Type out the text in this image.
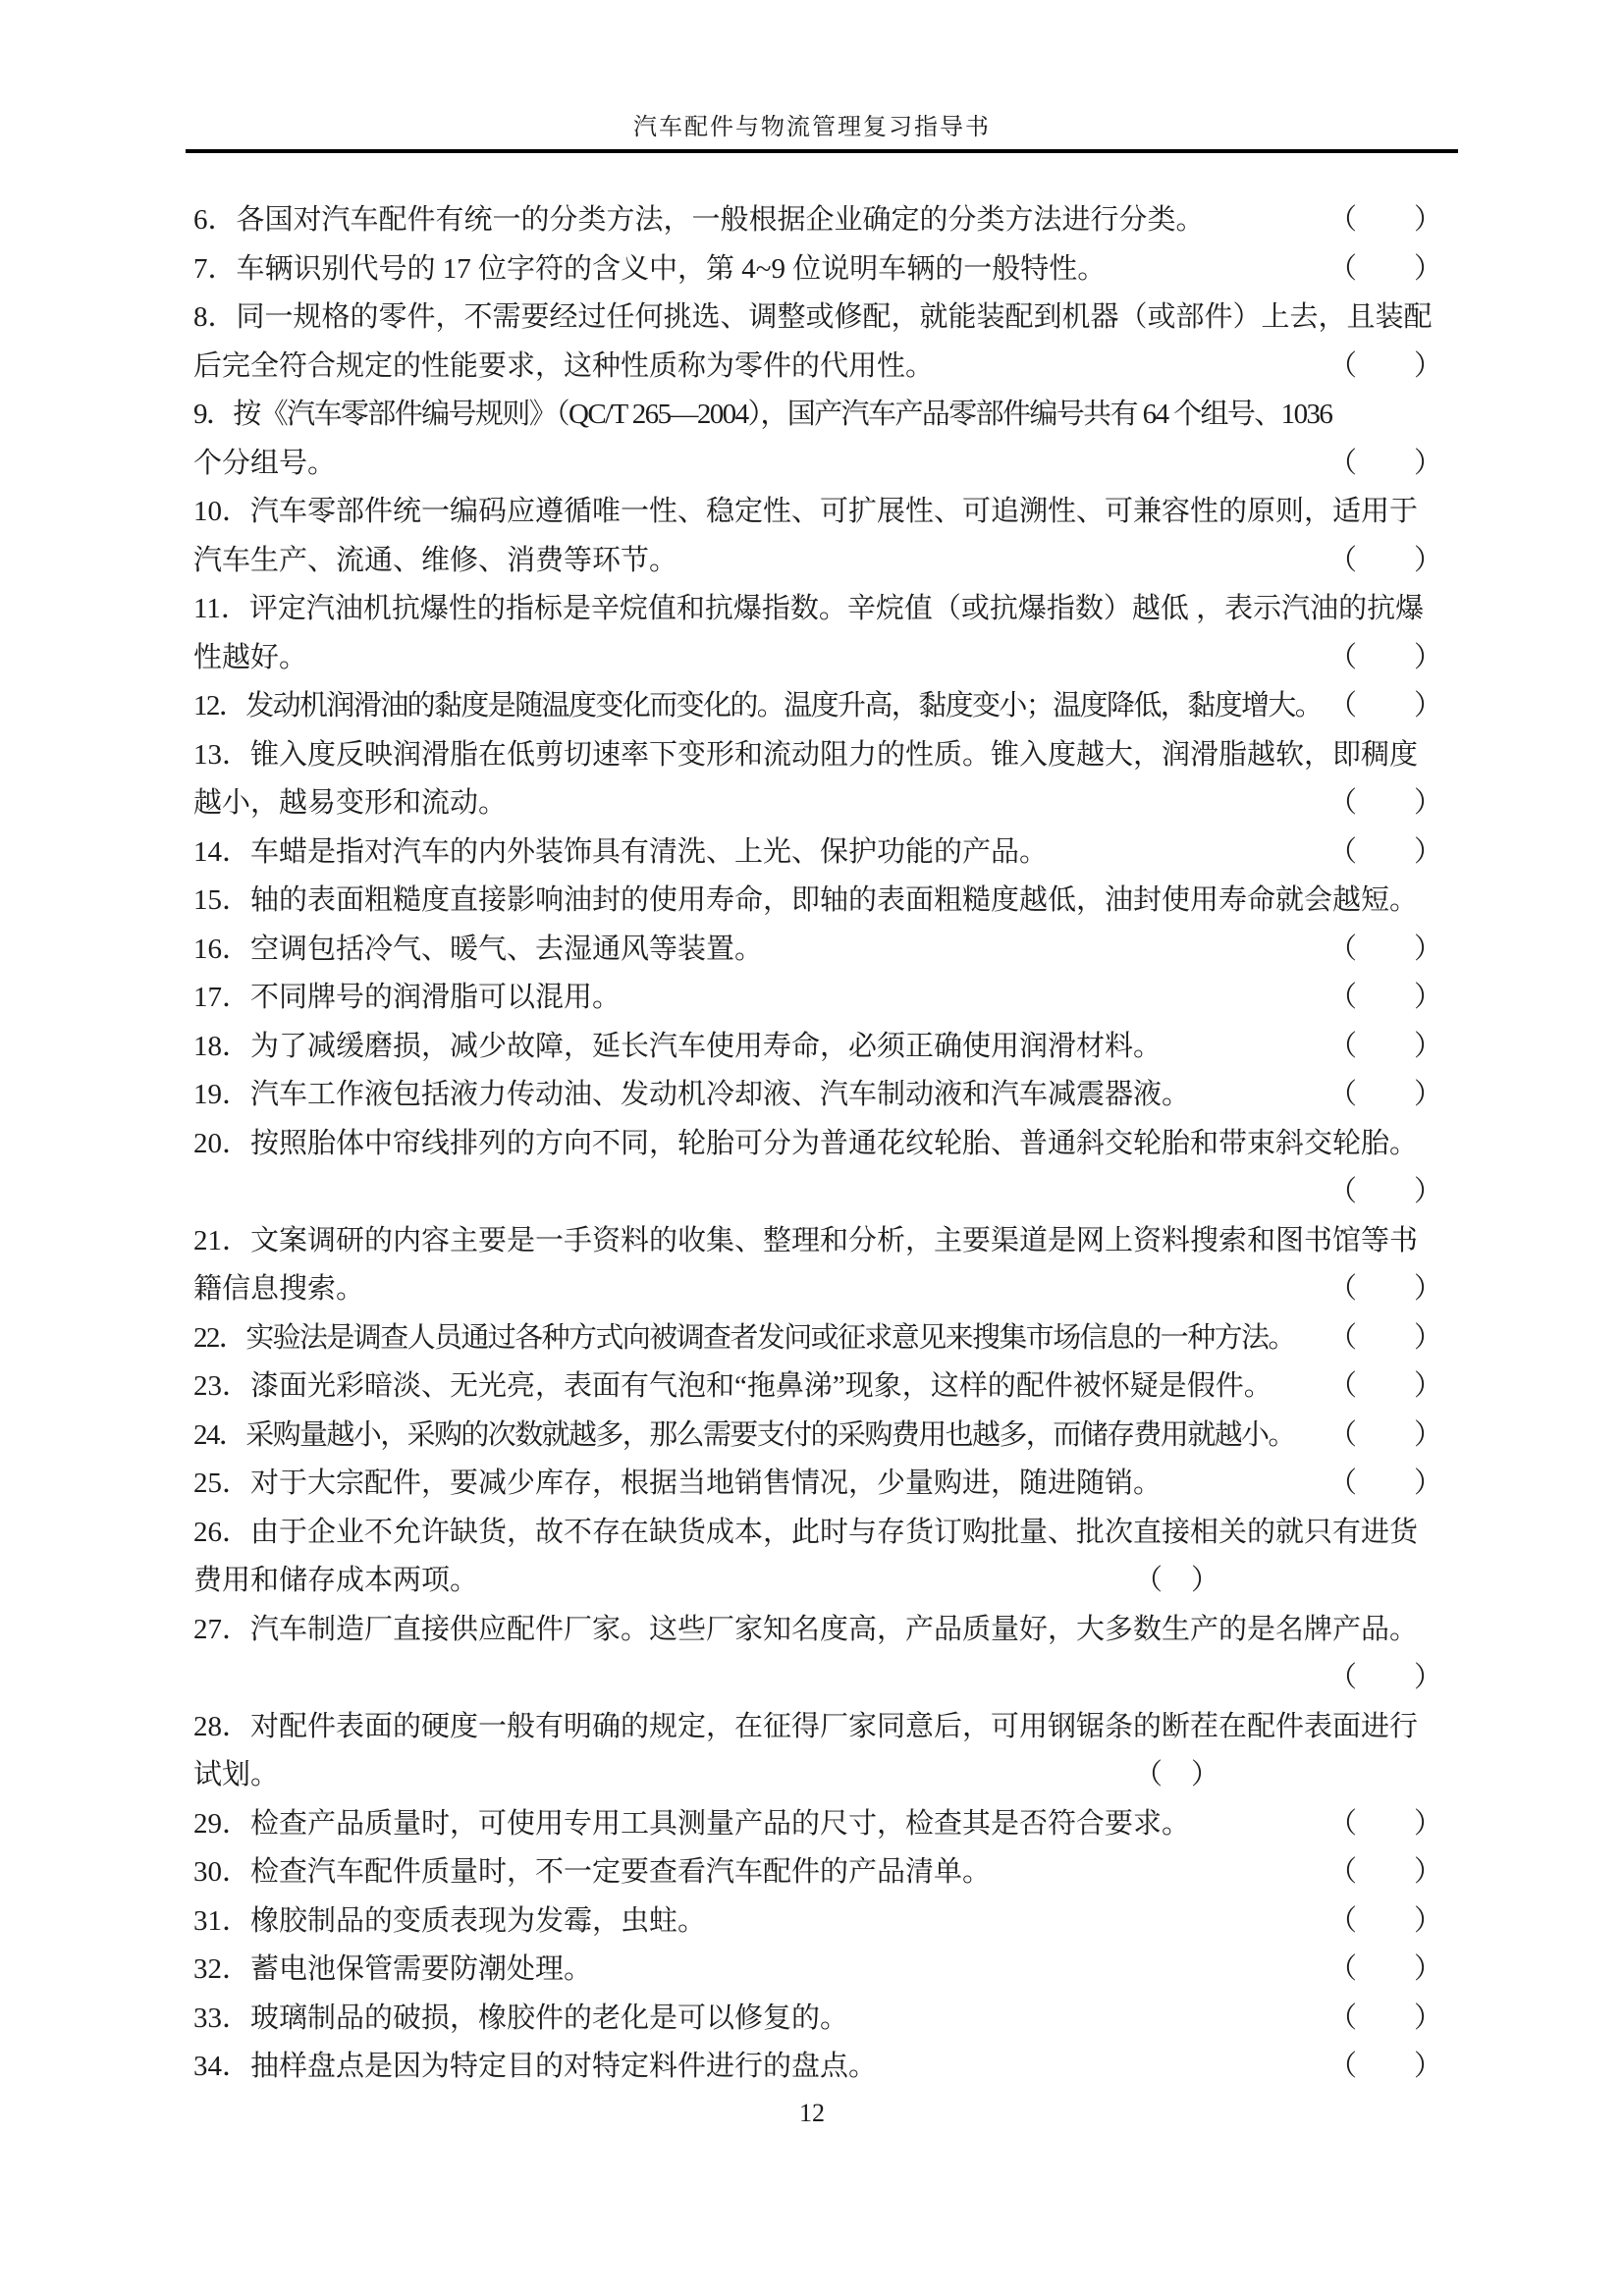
汽车配件与物流管理复习指导书
6．各国对汽车配件有统一的分类方法，一般根据企业确定的分类方法进行分类。	（　　）
7．车辆识别代号的 17 位字符的含义中，第 4~9 位说明车辆的一般特性。	（　　）
8．同一规格的零件，不需要经过任何挑选、调整或修配，就能装配到机器（或部件）上去，且装配
后完全符合规定的性能要求，这种性质称为零件的代用性。	（　　）
9．按《汽车零部件编号规则》（QC/T 265—2004），国产汽车产品零部件编号共有 64 个组号、1036
个分组号。	（　　）
10．汽车零部件统一编码应遵循唯一性、稳定性、可扩展性、可追溯性、可兼容性的原则，适用于
汽车生产、流通、维修、消费等环节。	（　　）
11．评定汽油机抗爆性的指标是辛烷值和抗爆指数。辛烷值（或抗爆指数）越低 ，表示汽油的抗爆
性越好。	（　　）
12．发动机润滑油的黏度是随温度变化而变化的。温度升高，黏度变小；温度降低，黏度增大。 （　　）
13．锥入度反映润滑脂在低剪切速率下变形和流动阻力的性质。锥入度越大，润滑脂越软，即稠度
越小，越易变形和流动。	（　　）
14．车蜡是指对汽车的内外装饰具有清洗、上光、保护功能的产品。	（　　）
15．轴的表面粗糙度直接影响油封的使用寿命，即轴的表面粗糙度越低，油封使用寿命就会越短。
16．空调包括冷气、暖气、去湿通风等装置。	（　　）
17．不同牌号的润滑脂可以混用。	（　　）
18．为了减缓磨损，减少故障，延长汽车使用寿命，必须正确使用润滑材料。	（　　）
19．汽车工作液包括液力传动油、发动机冷却液、汽车制动液和汽车减震器液。	（　　）
20．按照胎体中帘线排列的方向不同，轮胎可分为普通花纹轮胎、普通斜交轮胎和带束斜交轮胎。
（　　）
21．文案调研的内容主要是一手资料的收集、整理和分析，主要渠道是网上资料搜索和图书馆等书
籍信息搜索。	（　　）
22．实验法是调查人员通过各种方式向被调查者发问或征求意见来搜集市场信息的一种方法。 （　　）
23．漆面光彩暗淡、无光亮，表面有气泡和“拖鼻涕”现象，这样的配件被怀疑是假件。 （　　）
24．采购量越小，采购的次数就越多，那么需要支付的采购费用也越多，而储存费用就越小。 （　　）
25．对于大宗配件，要减少库存，根据当地销售情况，少量购进，随进随销。	（　　）
26．由于企业不允许缺货，故不存在缺货成本，此时与存货订购批量、批次直接相关的就只有进货
费用和储存成本两项。	（　）
27．汽车制造厂直接供应配件厂家。这些厂家知名度高，产品质量好，大多数生产的是名牌产品。
（　　）
28．对配件表面的硬度一般有明确的规定，在征得厂家同意后，可用钢锯条的断茬在配件表面进行
试划。	（　）
29．检查产品质量时，可使用专用工具测量产品的尺寸，检查其是否符合要求。	（　　）
30．检查汽车配件质量时，不一定要查看汽车配件的产品清单。	（　　）
31．橡胶制品的变质表现为发霉，虫蛀。	（　　）
32．蓄电池保管需要防潮处理。	（　　）
33．玻璃制品的破损，橡胶件的老化是可以修复的。	（　　）
34．抽样盘点是因为特定目的对特定料件进行的盘点。	（　　）
12
